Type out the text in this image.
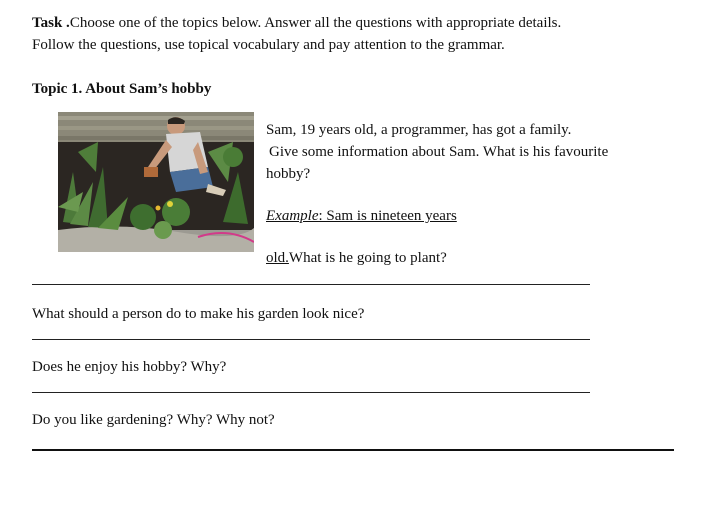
Task .Choose one of the topics below. Answer all the questions with appropriate details.
Follow the questions, use topical vocabulary and pay attention to the grammar.
Topic 1. About Sam’s hobby
Sam, 19 years old, a programmer, has got a family.
Give some information about Sam. What is his favourite
hobby?
Example: Sam is nineteen years
old.What is he going to plant?
What should a person do to make his garden look nice?
Does he enjoy his hobby? Why?
Do you like gardening? Why? Why not?
